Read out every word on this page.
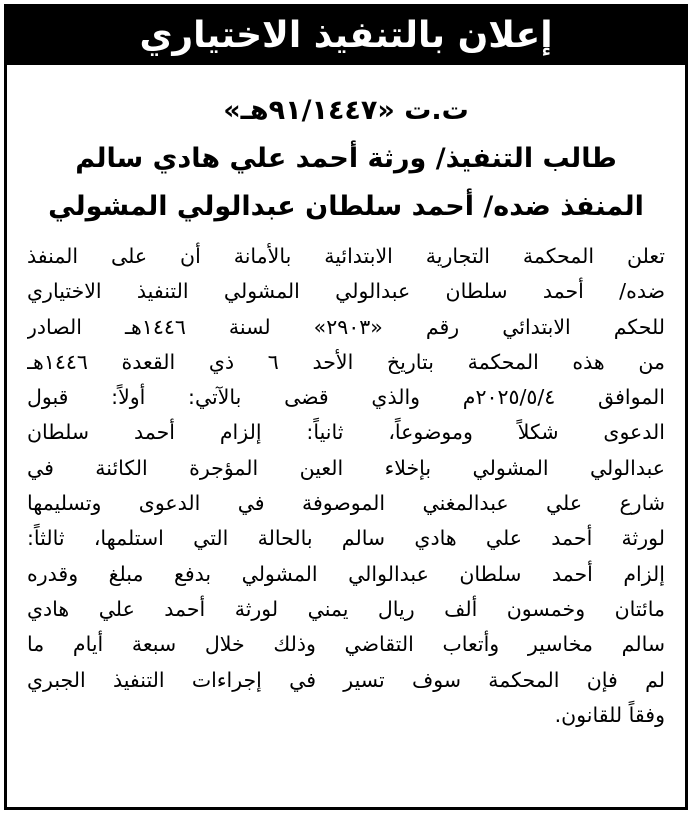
إعلان بالتنفيذ الاختياري
ت.ت «٩١/١٤٤٧هـ»
طالب التنفيذ/ ورثة أحمد علي هادي سالم
المنفذ ضده/ أحمد سلطان عبدالولي المشولي
تعلن المحكمة التجارية الابتدائية بالأمانة أن على المنفذ
ضده/ أحمد سلطان عبدالولي المشولي التنفيذ الاختياري
للحكم الابتدائي رقم «٢٩٠٣» لسنة ١٤٤٦هـ الصادر
من هذه المحكمة بتاريخ الأحد ٦ ذي القعدة ١٤٤٦هـ
الموافق ٢٠٢٥/٥/٤م والذي قضى بالآتي: أولاً: قبول
الدعوى شكلاً وموضوعاً، ثانياً: إلزام أحمد سلطان
عبدالولي المشولي بإخلاء العين المؤجرة الكائنة في
شارع علي عبدالمغني الموصوفة في الدعوى وتسليمها
لورثة أحمد علي هادي سالم بالحالة التي استلمها، ثالثاً:
إلزام أحمد سلطان عبدالوالي المشولي بدفع مبلغ وقدره
مائتان وخمسون ألف ريال يمني لورثة أحمد علي هادي
سالم مخاسير وأتعاب التقاضي وذلك خلال سبعة أيام ما
لم فإن المحكمة سوف تسير في إجراءات التنفيذ الجبري
وفقاً للقانون.
